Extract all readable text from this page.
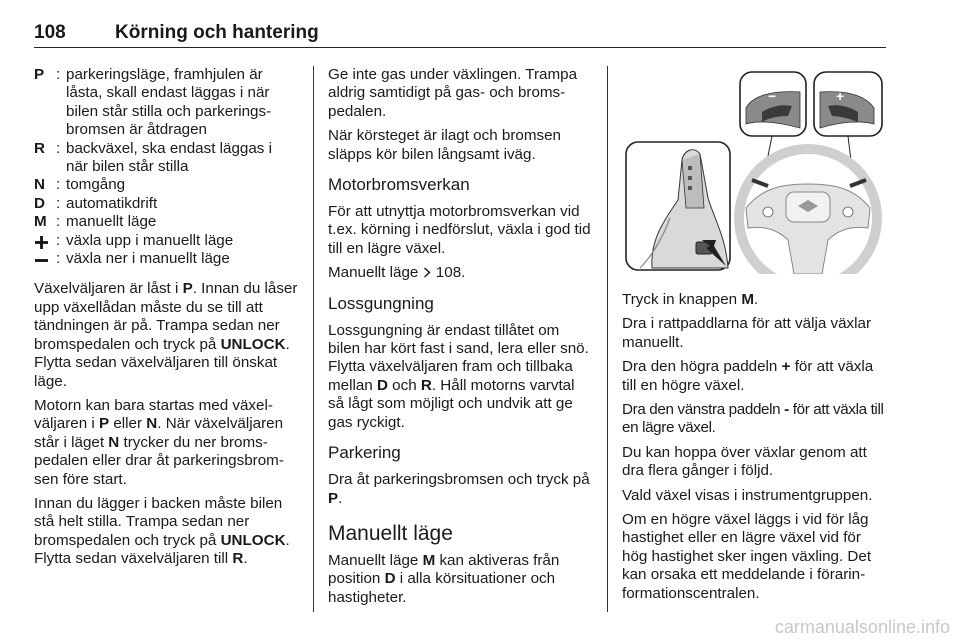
108	Körning och hantering
P : parkeringsläge, framhjulen är låsta, skall endast läggas i när bilen står stilla och parkeringsbromsen är åtdragen
R : backväxel, ska endast läggas i när bilen står stilla
N : tomgång
D : automatikdrift
M : manuellt läge
: växla upp i manuellt läge
: växla ner i manuellt läge

Växelväljaren är låst i P. Innan du låser upp växellådan måste du se till att tändningen är på. Trampa sedan ner bromspedalen och tryck på UNLOCK. Flytta sedan växelväljaren till önskat läge.

Motorn kan bara startas med växelväljaren i P eller N. När växelväljaren står i läget N trycker du ner bromspedalen eller drar åt parkeringsbromsen före start.

Innan du lägger i backen måste bilen stå helt stilla. Trampa sedan ner bromspedalen och tryck på UNLOCK. Flytta sedan växelväljaren till R.

Ge inte gas under växlingen. Trampa aldrig samtidigt på gas- och bromspedalen.

När körsteget är ilagt och bromsen släpps kör bilen långsamt iväg.

Motorbromsverkan

För att utnyttja motorbromsverkan vid t.ex. körning i nedförslut, växla i god tid till en lägre växel.

Manuellt läge  108.

Lossgungning

Lossgungning är endast tillåtet om bilen har kört fast i sand, lera eller snö. Flytta växelväljaren fram och tillbaka mellan D och R. Håll motorns varvtal så lågt som möjligt och undvik att ge gas ryckigt.

Parkering

Dra åt parkeringsbromsen och tryck på P.

Manuellt läge

Manuellt läge M kan aktiveras från position D i alla körsituationer och hastigheter.

−	+

Tryck in knappen M.

Dra i rattpaddlarna för att välja växlar manuellt.

Dra den högra paddeln + för att växla till en högre växel.

Dra den vänstra paddeln - för att växla till en lägre växel.

Du kan hoppa över växlar genom att dra flera gånger i följd.

Vald växel visas i instrumentgruppen.

Om en högre växel läggs i vid för låg hastighet eller en lägre växel vid för hög hastighet sker ingen växling. Det kan orsaka ett meddelande i förarinformationscentralen.

carmanualsonline.info
